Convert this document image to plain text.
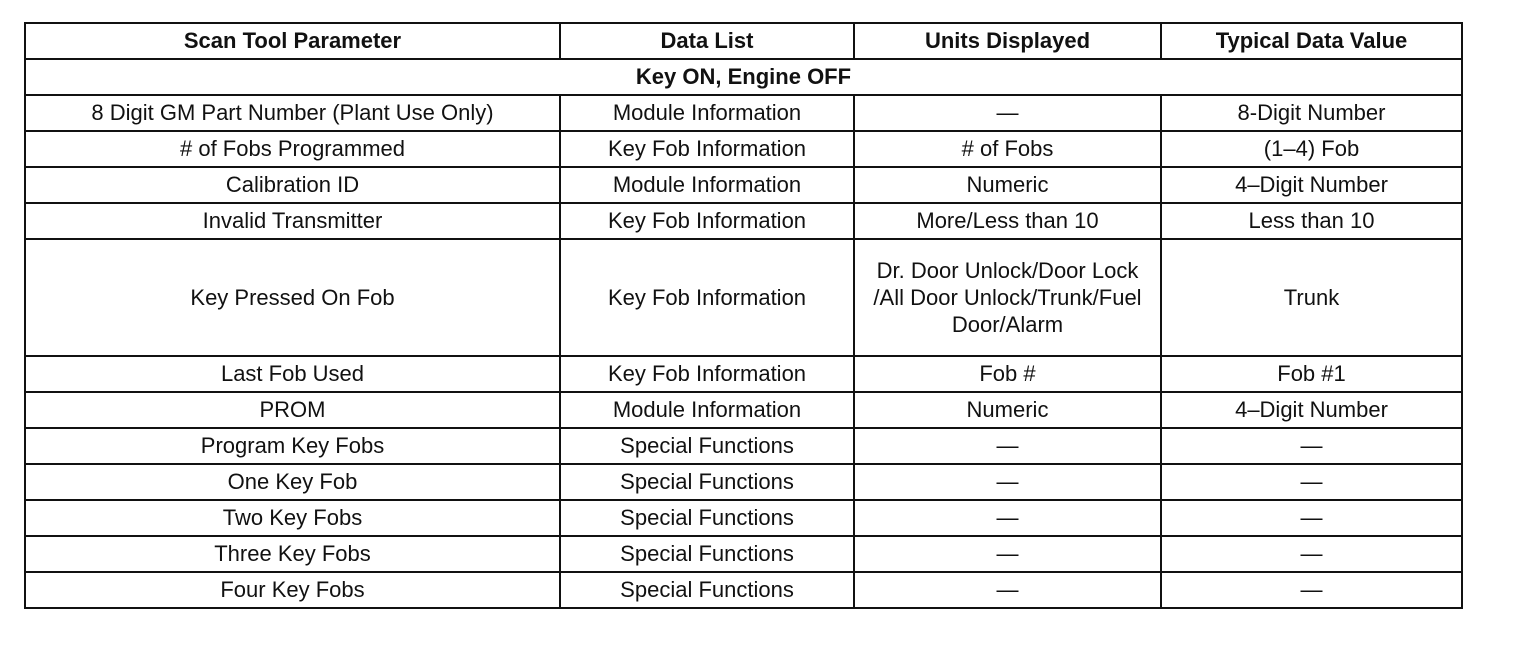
Scan Tool Parameter	Data List	Units Displayed	Typical Data Value
Key ON, Engine OFF			
8 Digit GM Part Number (Plant Use Only)	Module Information	—	8-Digit Number
# of Fobs Programmed	Key Fob Information	# of Fobs	(1–4) Fob
Calibration ID	Module Information	Numeric	4–Digit Number
Invalid Transmitter	Key Fob Information	More/Less than 10	Less than 10
Key Pressed On Fob	Key Fob Information	Dr. Door Unlock/Door Lock /All Door Unlock/Trunk/Fuel Door/Alarm	Trunk
Last Fob Used	Key Fob Information	Fob #	Fob #1
PROM	Module Information	Numeric	4–Digit Number
Program Key Fobs	Special Functions	—	—
One Key Fob	Special Functions	—	—
Two Key Fobs	Special Functions	—	—
Three Key Fobs	Special Functions	—	—
Four Key Fobs	Special Functions	—	—
